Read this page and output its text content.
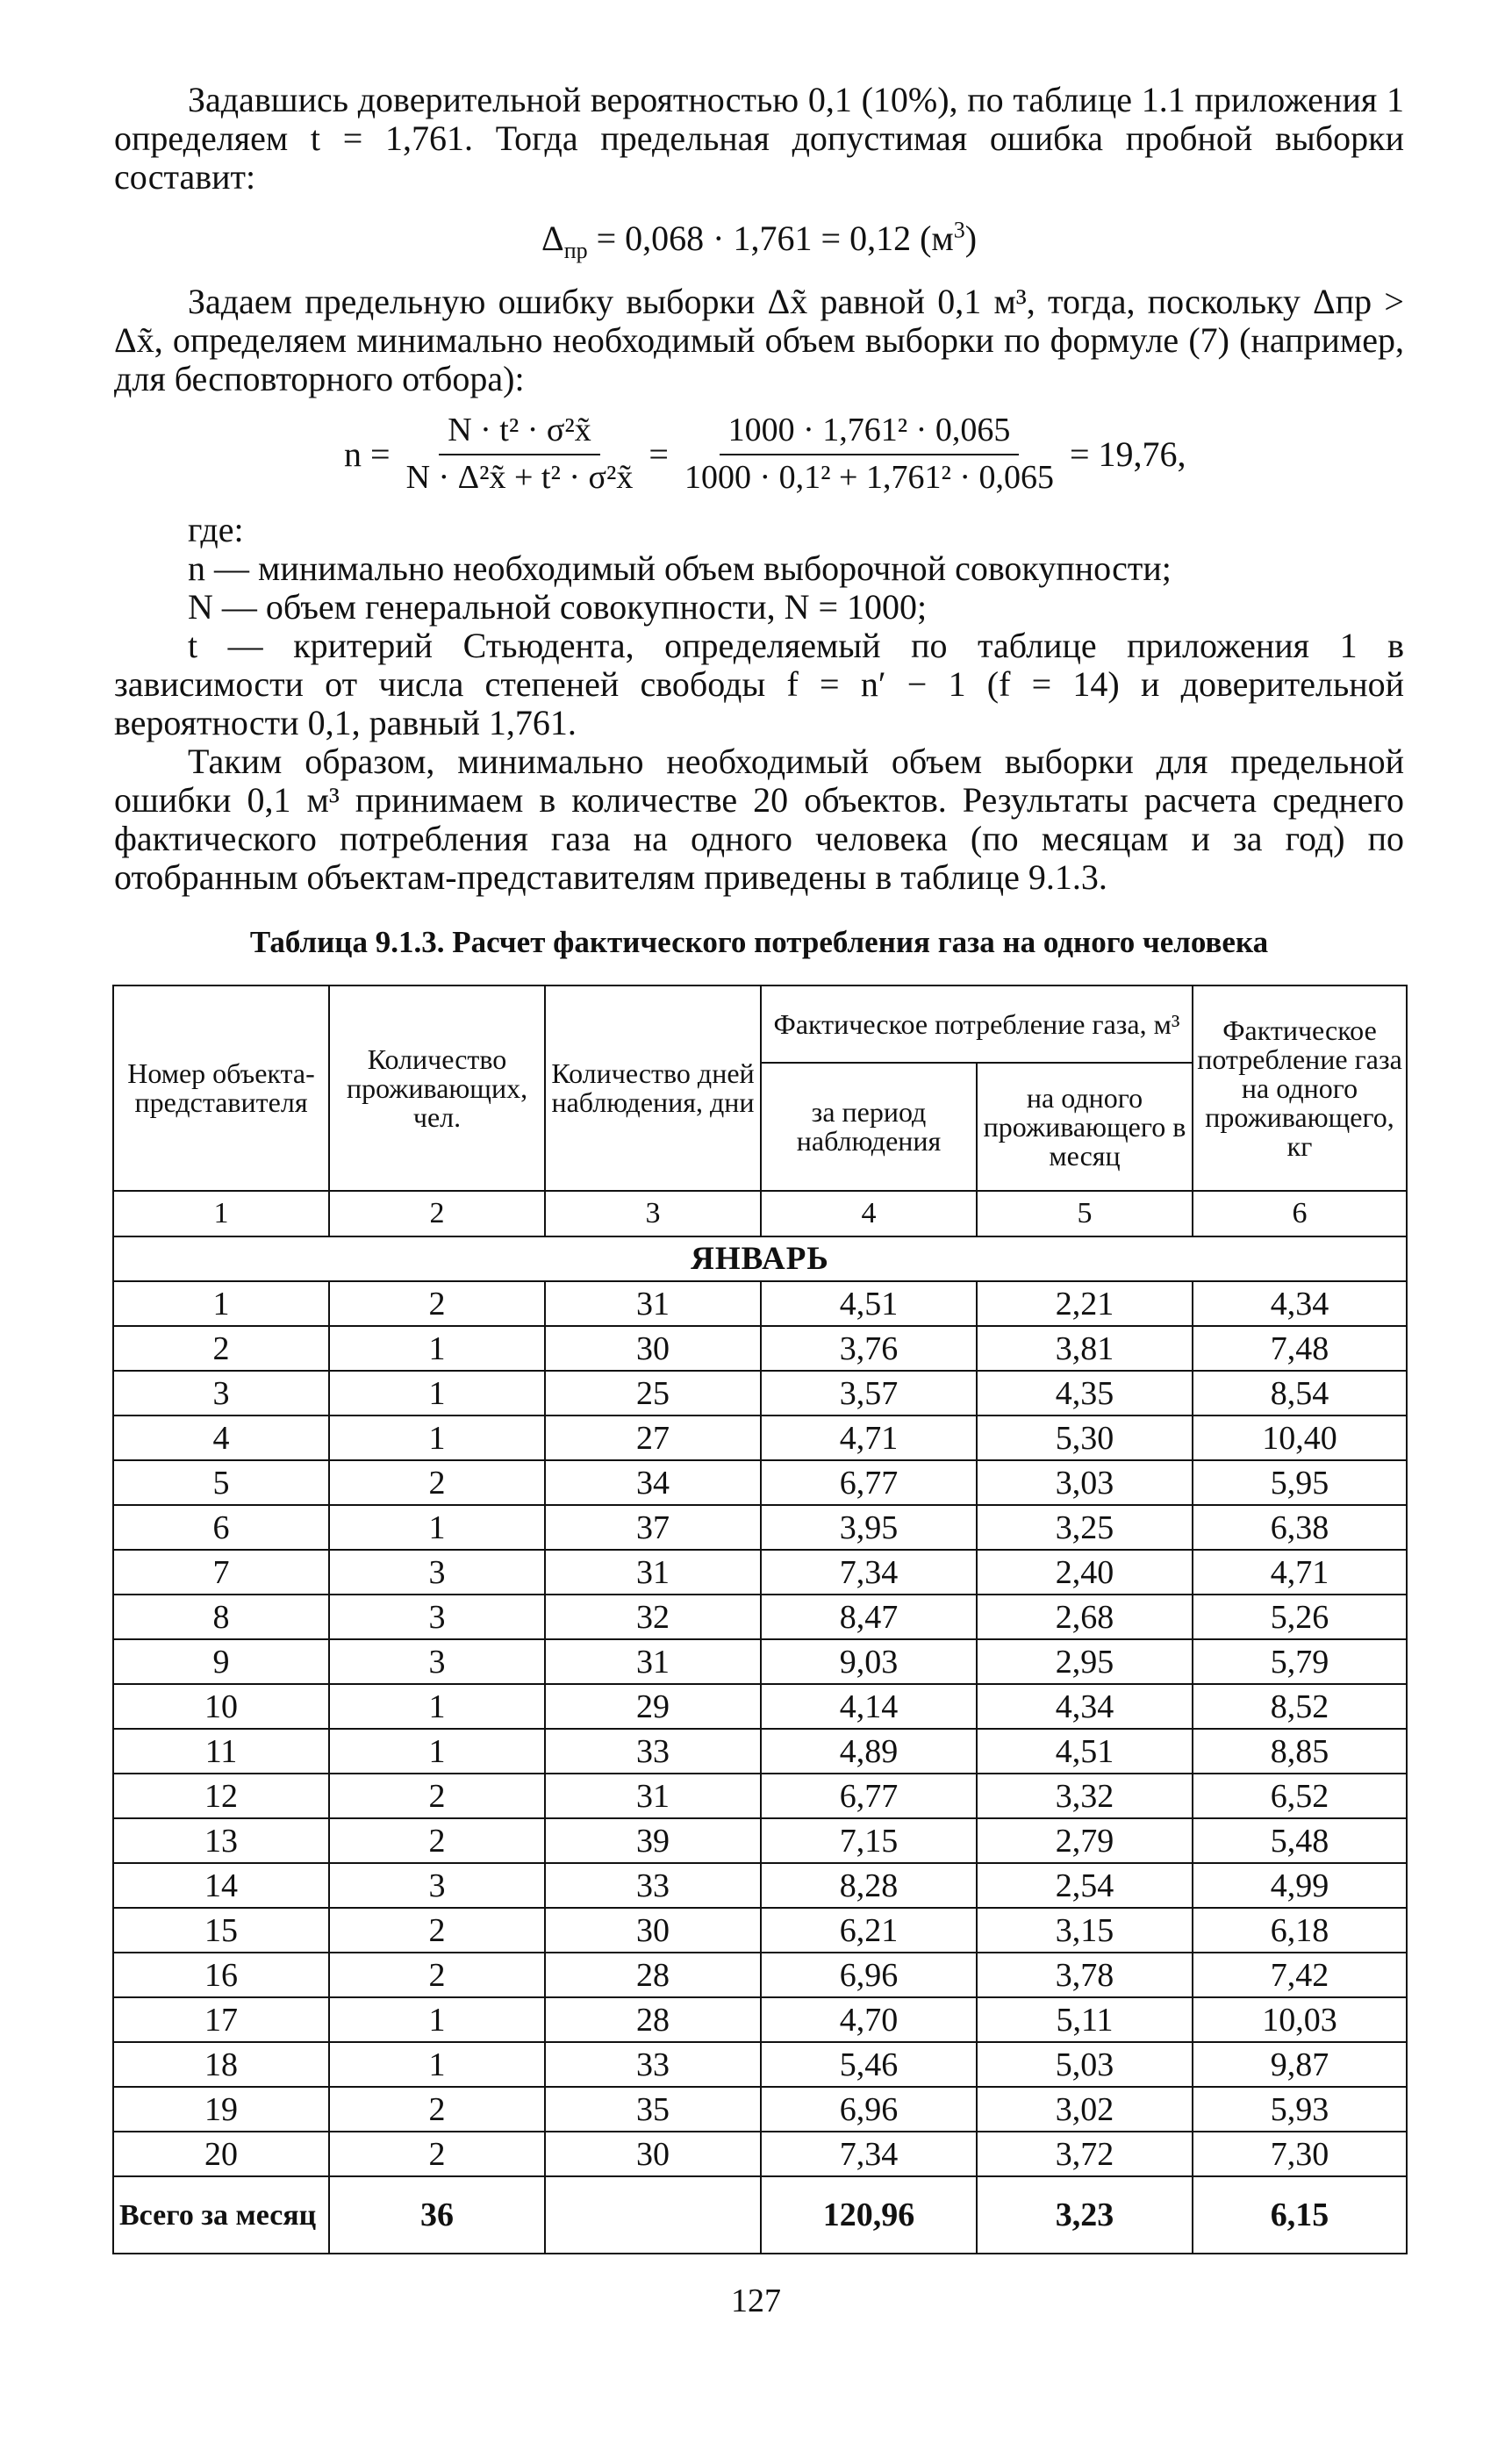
Задавшись доверительной вероятностью 0,1 (10%), по таблице 1.1 приложения 1 определяем t = 1,761. Тогда предельная допустимая ошибка пробной выборки составит:

$\Delta_{пр} = 0,068 \cdot 1,761 = 0,12$ $(м^3)$

Задаем предельную ошибку выборки Δx̃ равной 0,1 м³, тогда, поскольку Δпр > Δx̃, определяем минимально необходимый объем выборки по формуле (7) (например, для бесповторного отбора):

$n = \frac{\text{N · t² · σ²x̃}}{\text{N · Δ²x̃ + t² · σ²x̃}} = \frac{\text{1000 · 1,761² · 0,065}}{\text{1000 · 0,1² + 1,761² · 0,065}} = 19,76$,

где:

n — минимально необходимый объем выборочной совокупности;

N — объем генеральной совокупности, N = 1000;

t — критерий Стьюдента, определяемый по таблице приложения 1 в зависимости от числа степеней свободы f = n′ − 1 (f = 14) и доверительной вероятности 0,1, равный 1,761.

Таким образом, минимально необходимый объем выборки для предельной ошибки 0,1 м³ принимаем в количестве 20 объектов. Результаты расчета среднего фактического потребления газа на одного человека (по месяцам и за год) по отобранным объектам-представителям приведены в таблице 9.1.3.

Таблица 9.1.3. Расчет фактического потребления газа на одного человека
Номер объекта-представителя	Количество проживающих, чел.	Количество дней наблюдения, дни	Фактическое потребление газа, м³		Фактическое потребление газа на одного проживающего, кг
			за период наблюдения	на одного проживающего в месяц	
1	2	3	4	5	6
ЯНВАРЬ					
1	2	31	4,51	2,21	4,34
2	1	30	3,76	3,81	7,48
3	1	25	3,57	4,35	8,54
4	1	27	4,71	5,30	10,40
5	2	34	6,77	3,03	5,95
6	1	37	3,95	3,25	6,38
7	3	31	7,34	2,40	4,71
8	3	32	8,47	2,68	5,26
9	3	31	9,03	2,95	5,79
10	1	29	4,14	4,34	8,52
11	1	33	4,89	4,51	8,85
12	2	31	6,77	3,32	6,52
13	2	39	7,15	2,79	5,48
14	3	33	8,28	2,54	4,99
15	2	30	6,21	3,15	6,18
16	2	28	6,96	3,78	7,42
17	1	28	4,70	5,11	10,03
18	1	33	5,46	5,03	9,87
19	2	35	6,96	3,02	5,93
20	2	30	7,34	3,72	7,30
Всего за месяц	36		120,96	3,23	6,15
127
